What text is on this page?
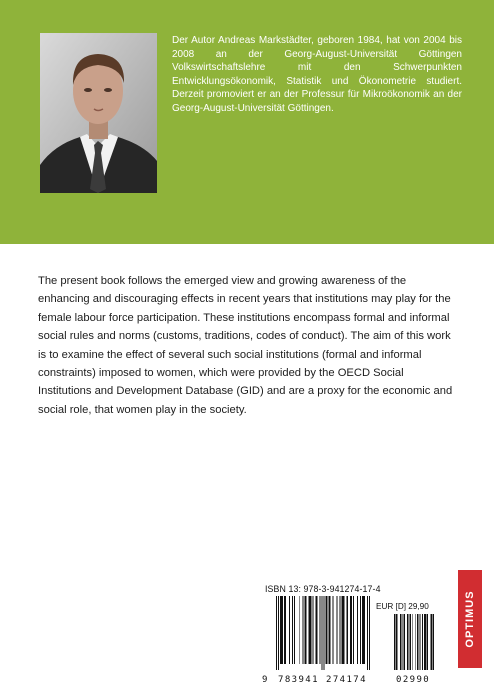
Der Autor Andreas Markstädter, geboren 1984, hat von 2004 bis 2008 an der Georg-August-Universität Göttingen Volkswirtschaftslehre mit den Schwerpunkten Entwicklungsökonomik, Statistik und Ökonometrie studiert. Derzeit promoviert er an der Professur für Mikroökonomik an der Georg-August-Universität Göttingen.

The present book follows the emerged view and growing awareness of the enhancing and discouraging effects in recent years that institutions may play for the female labour force participation. These institutions encompass formal and informal social rules and norms (customs, traditions, codes of conduct). The aim of this work is to examine the effect of several such social institutions (formal and informal constraints) imposed to women, which were provided by the OECD Social Institutions and Development Database (GID) and are a proxy for the economic and social role, that women play in the society.

ISBN 13: 978-3-941274-17-4

EUR [D] 29,90

9 783941 274174	02990

OPTIMUS
